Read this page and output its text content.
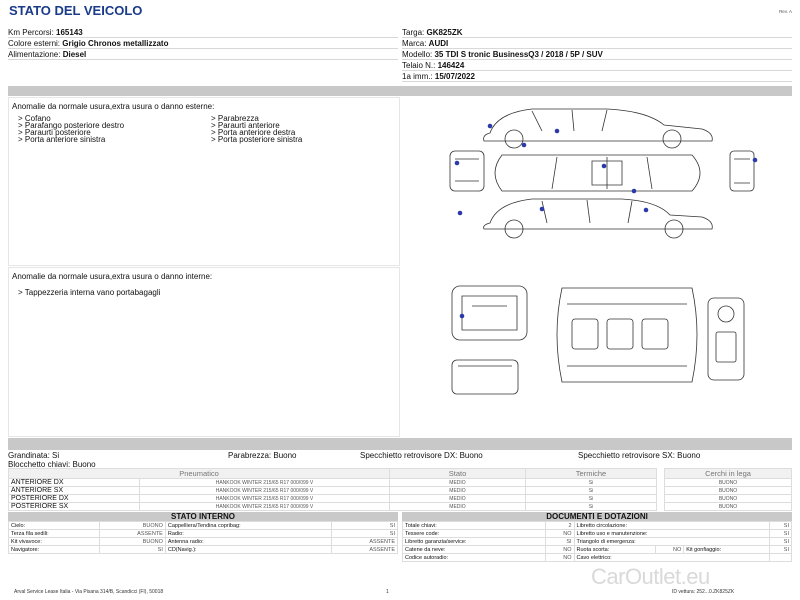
STATO DEL VEICOLO	Rev. A
Km Percorsi: 165143
Colore esterni: Grigio Chronos metallizzato
Alimentazione: Diesel
Targa: GK825ZK
Marca: AUDI
Modello: 35 TDI S tronic BusinessQ3 / 2018 / 5P / SUV
Telaio N.: 146424
1a imm.: 15/07/2022
Anomalie da normale usura,extra usura o danno esterne:
> Cofano	> Parabrezza
> Parafango posteriore destro	> Paraurti anteriore
> Paraurti posteriore	> Porta anteriore destra
> Porta anteriore sinistra	> Porta posteriore sinistra
Anomalie da normale usura,extra usura o danno interne:
> Tappezzeria interna vano portabagagli
Grandinata: Si	Parabrezza: Buono	Specchietto retrovisore DX: Buono	Specchietto retrovisore SX: Buono
Blocchetto chiavi: Buono
Pneumatico		Stato	Termiche
ANTERIORE DX	HANKOOK WINTER 215/65 R17 000/099 V	MEDIO	Si
ANTERIORE SX	HANKOOK WINTER 215/65 R17 000/099 V	MEDIO	Si
POSTERIORE DX	HANKOOK WINTER 215/65 R17 000/099 V	MEDIO	Si
POSTERIORE SX	HANKOOK WINTER 215/65 R17 000/099 V	MEDIO	Si
Cerchi in lega
BUONO
BUONO
BUONO
BUONO
STATO INTERNO
Cielo:	BUONO	Cappelliera/Tendina copribag:	SI
Terza fila sedili:	ASSENTE	Radio:	SI
Kit vivavoce:	BUONO	Antenna radio:	ASSENTE
Navigatore:	SI	CD(Navig.):	ASSENTE
DOCUMENTI E DOTAZIONI
Totale chiavi:	2	Libretto circolazione:			SI
Tessere code:	NO	Libretto uso e manutenzione:			SI
Libretto garanzia/service:	SI	Triangolo di emergenza:			SI
Catene da neve:	NO	Ruota scorta:	NO	Kit gonfiaggio:	SI
Codice autoradio:	NO	Cavo elettrico:			
Arval Service Lease Italia - Via Pisana 314/B, Scandicci (FI), 50018	1	ID vettura: 252...0.ZK825ZK
CarOutlet.eu
